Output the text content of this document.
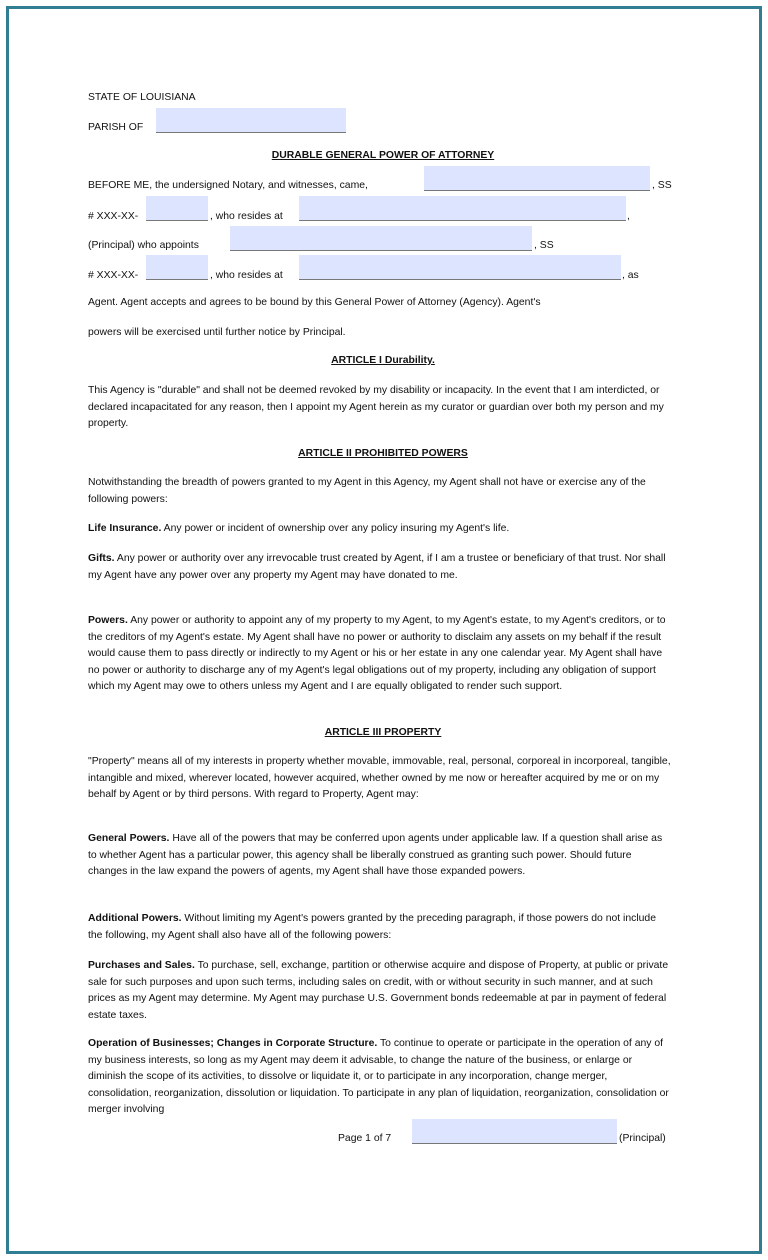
STATE OF LOUISIANA
PARISH OF
DURABLE GENERAL POWER OF ATTORNEY
BEFORE ME, the undersigned Notary, and witnesses, came,	, SS
# XXX-XX-	, who resides at	,
(Principal) who appoints	, SS
# XXX-XX-	, who resides at	, as
Agent. Agent accepts and agrees to be bound by this General Power of Attorney (Agency). Agent's
powers will be exercised until further notice by Principal.
ARTICLE I Durability.
This Agency is "durable" and shall not be deemed revoked by my disability or incapacity. In the event that I am interdicted, or declared incapacitated for any reason, then I appoint my Agent herein as my curator or guardian over both my person and my property.
ARTICLE II PROHIBITED POWERS
Notwithstanding the breadth of powers granted to my Agent in this Agency, my Agent shall not have or exercise any of the following powers:
Life Insurance. Any power or incident of ownership over any policy insuring my Agent's life.
Gifts. Any power or authority over any irrevocable trust created by Agent, if I am a trustee or beneficiary of that trust. Nor shall my Agent have any power over any property my Agent may have donated to me.
Powers. Any power or authority to appoint any of my property to my Agent, to my Agent's estate, to my Agent's creditors, or to the creditors of my Agent's estate. My Agent shall have no power or authority to disclaim any assets on my behalf if the result would cause them to pass directly or indirectly to my Agent or his or her estate in any one calendar year. My Agent shall have no power or authority to discharge any of my Agent's legal obligations out of my property, including any obligation of support which my Agent may owe to others unless my Agent and I are equally obligated to render such support.
ARTICLE III PROPERTY
"Property" means all of my interests in property whether movable, immovable, real, personal, corporeal in incorporeal, tangible, intangible and mixed, wherever located, however acquired, whether owned by me now or hereafter acquired by me or on my behalf by Agent or by third persons. With regard to Property, Agent may:
General Powers. Have all of the powers that may be conferred upon agents under applicable law. If a question shall arise as to whether Agent has a particular power, this agency shall be liberally construed as granting such power. Should future changes in the law expand the powers of agents, my Agent shall have those expanded powers.
Additional Powers. Without limiting my Agent's powers granted by the preceding paragraph, if those powers do not include the following, my Agent shall also have all of the following powers:
Purchases and Sales. To purchase, sell, exchange, partition or otherwise acquire and dispose of Property, at public or private sale for such purposes and upon such terms, including sales on credit, with or without security in such manner, and at such prices as my Agent may determine. My Agent may purchase U.S. Government bonds redeemable at par in payment of federal estate taxes.
Operation of Businesses; Changes in Corporate Structure. To continue to operate or participate in the operation of any of my business interests, so long as my Agent may deem it advisable, to change the nature of the business, or enlarge or diminish the scope of its activities, to dissolve or liquidate it, or to participate in any incorporation, change merger, consolidation, reorganization, dissolution or liquidation. To participate in any plan of liquidation, reorganization, consolidation or merger involving
Page 1 of 7	(Principal)
